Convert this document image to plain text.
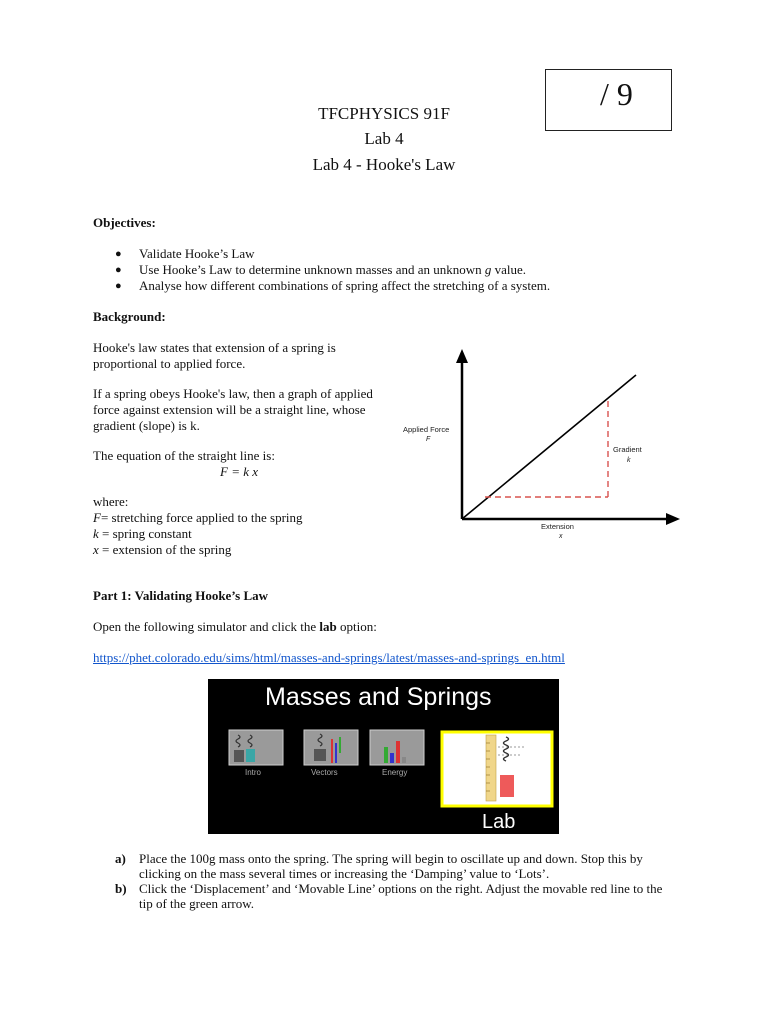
/ 9
TFCPHYSICS 91F
Lab 4
Lab 4 - Hooke's Law
Objectives:
● Validate Hooke’s Law
● Use Hooke’s Law to determine unknown masses and an unknown g value.
● Analyse how different combinations of spring affect the stretching of a system.
Background:
Hooke's law states that extension of a spring is proportional to applied force.
If a spring obeys Hooke's law, then a graph of applied force against extension will be a straight line, whose gradient (slope) is k.
The equation of the straight line is:
F = k x
where:
F= stretching force applied to the spring
k = spring constant
x = extension of the spring
Applied Force
F
Gradient
k
Extension
x
Part 1: Validating Hooke’s Law
Open the following simulator and click the lab option:
https://phet.colorado.edu/sims/html/masses-and-springs/latest/masses-and-springs_en.html
Masses and Springs
Intro	Vectors	Energy
Lab
a) Place the 100g mass onto the spring. The spring will begin to oscillate up and down. Stop this by clicking on the mass several times or increasing the ‘Damping’ value to ‘Lots’.
b) Click the ‘Displacement’ and ‘Movable Line’ options on the right. Adjust the movable red line to the tip of the green arrow.
